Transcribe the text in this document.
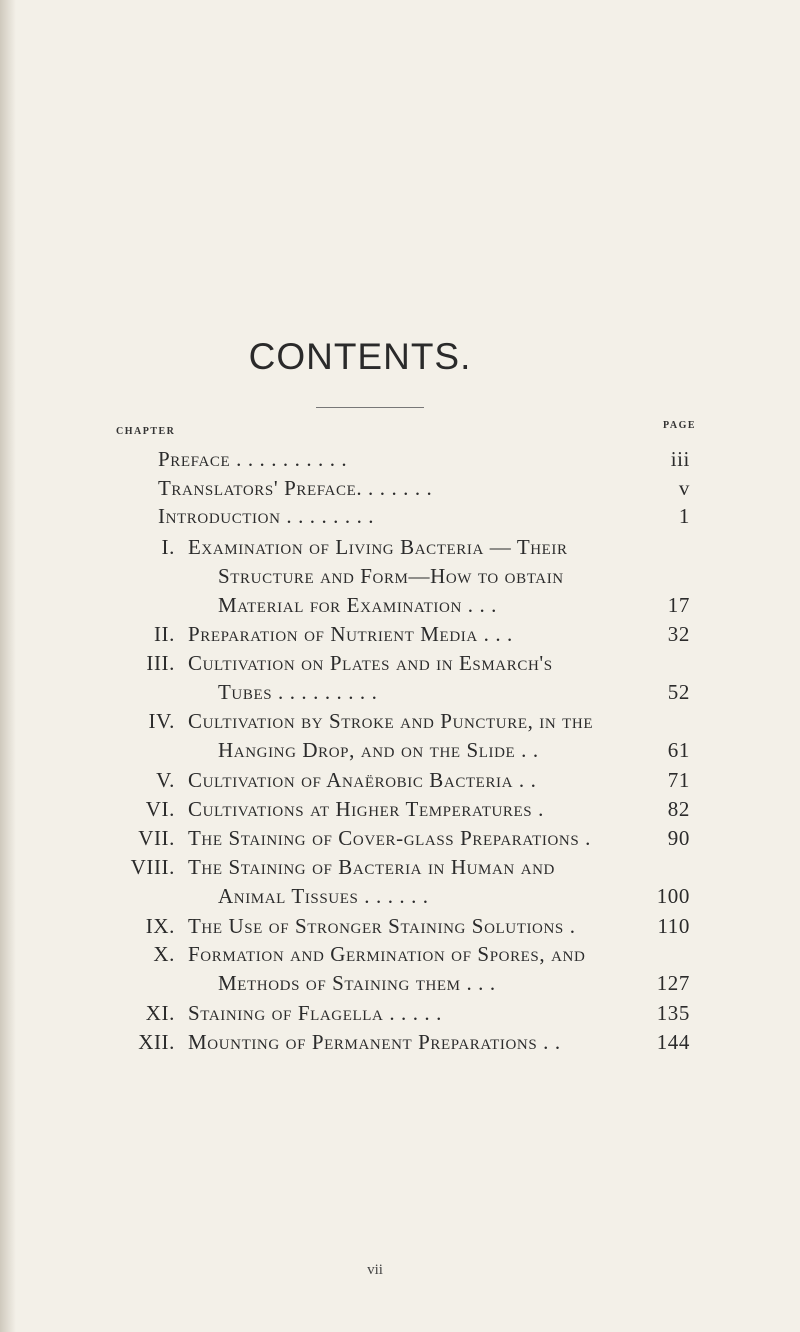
CONTENTS.
CHAPTER
PAGE
Preface . . . . . . . . . .	iii
Translators' Preface. . . . . . .	v
Introduction . . . . . . . .	1
I. Examination of Living Bacteria — Their
Structure and Form—How to obtain
Material for Examination . . .	17
II. Preparation of Nutrient Media . . .	32
III. Cultivation on Plates and in Esmarch's
Tubes . . . . . . . . .	52
IV. Cultivation by Stroke and Puncture, in the
Hanging Drop, and on the Slide . .	61
V. Cultivation of Anaërobic Bacteria . .	71
VI. Cultivations at Higher Temperatures .	82
VII. The Staining of Cover-glass Preparations .	90
VIII. The Staining of Bacteria in Human and
Animal Tissues . . . . . .	100
IX. The Use of Stronger Staining Solutions .	110
X. Formation and Germination of Spores, and
Methods of Staining them . . .	127
XI. Staining of Flagella . . . . .	135
XII. Mounting of Permanent Preparations . .	144
vii
